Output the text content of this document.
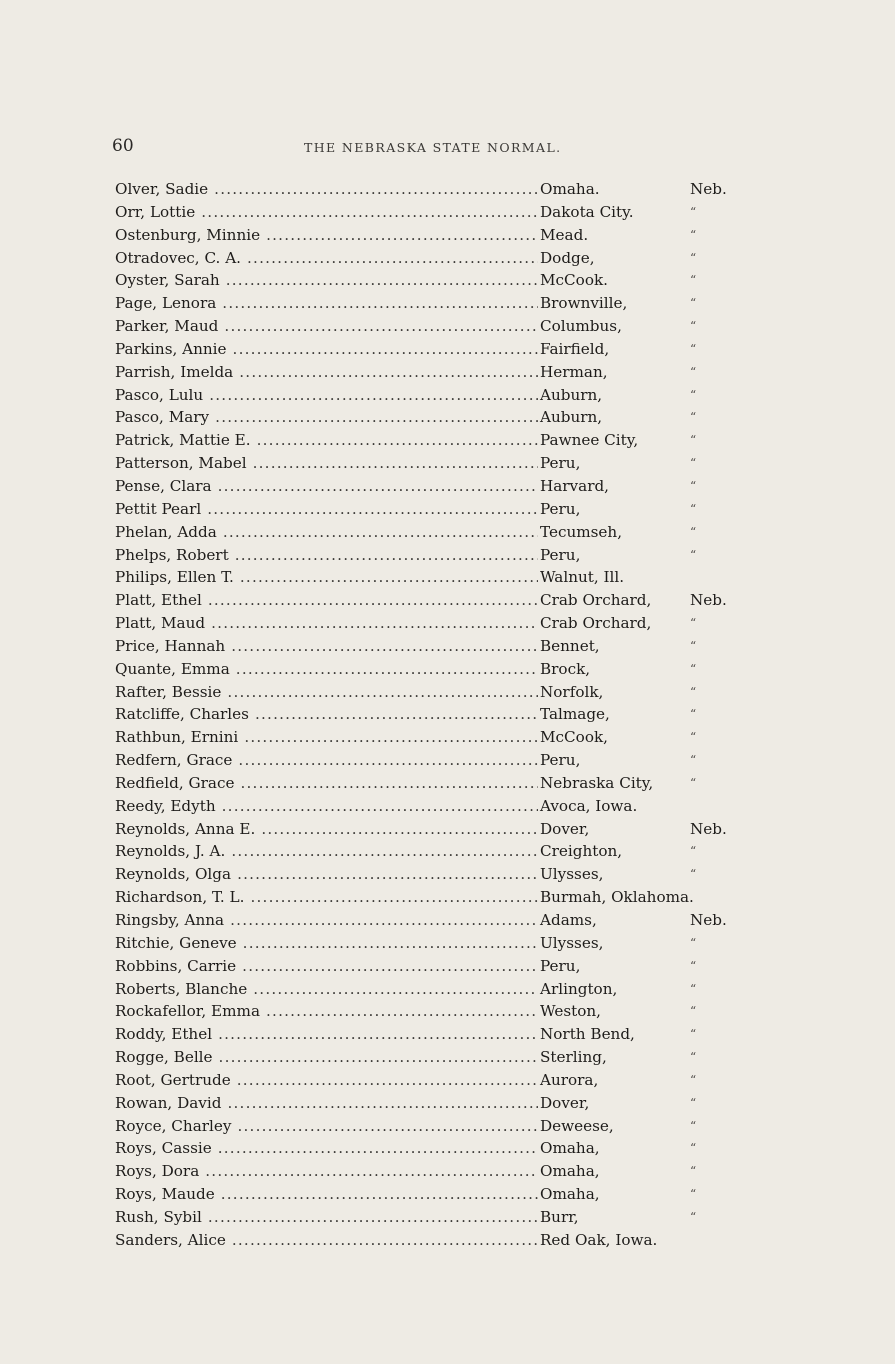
60	THE NEBRASKA STATE NORMAL.
Olver, Sadie .....	Omaha.	Neb.
Orr, Lottie .....	Dakota City.	“
Ostenburg, Minnie .....	Mead.	“
Otradovec, C. A. .....	Dodge,	“
Oyster, Sarah .....	McCook.	“
Page, Lenora .....	Brownville,	“
Parker, Maud .....	Columbus,	“
Parkins, Annie .....	Fairfield,	“
Parrish, Imelda .....	Herman,	“
Pasco, Lulu .....	Auburn,	“
Pasco, Mary .....	Auburn,	“
Patrick, Mattie E. .....	Pawnee City,	“
Patterson, Mabel .....	Peru,	“
Pense, Clara .....	Harvard,	“
Pettit Pearl .....	Peru,	“
Phelan, Adda .....	Tecumseh,	“
Phelps, Robert .....	Peru,	“
Philips, Ellen T. .....	Walnut, Ill.
Platt, Ethel .....	Crab Orchard,	Neb.
Platt, Maud .....	Crab Orchard,	“
Price, Hannah .....	Bennet,	“
Quante, Emma .....	Brock,	“
Rafter, Bessie .....	Norfolk,	“
Ratcliffe, Charles .....	Talmage,	“
Rathbun, Ernini .....	McCook,	“
Redfern, Grace .....	Peru,	“
Redfield, Grace .....	Nebraska City,	“
Reedy, Edyth .....	Avoca, Iowa.
Reynolds, Anna E. .....	Dover,	Neb.
Reynolds, J. A. .....	Creighton,	“
Reynolds, Olga .....	Ulysses,	“
Richardson, T. L. .....	Burmah, Oklahoma.
Ringsby, Anna .....	Adams,	Neb.
Ritchie, Geneve .....	Ulysses,	“
Robbins, Carrie .....	Peru,	“
Roberts, Blanche .....	Arlington,	“
Rockafellor, Emma .....	Weston,	“
Roddy, Ethel .....	North Bend,	“
Rogge, Belle .....	Sterling,	“
Root, Gertrude .....	Aurora,	“
Rowan, David .....	Dover,	“
Royce, Charley .....	Deweese,	“
Roys, Cassie .....	Omaha,	“
Roys, Dora .....	Omaha,	“
Roys, Maude .....	Omaha,	“
Rush, Sybil .....	Burr,	“
Sanders, Alice .....	Red Oak, Iowa.
